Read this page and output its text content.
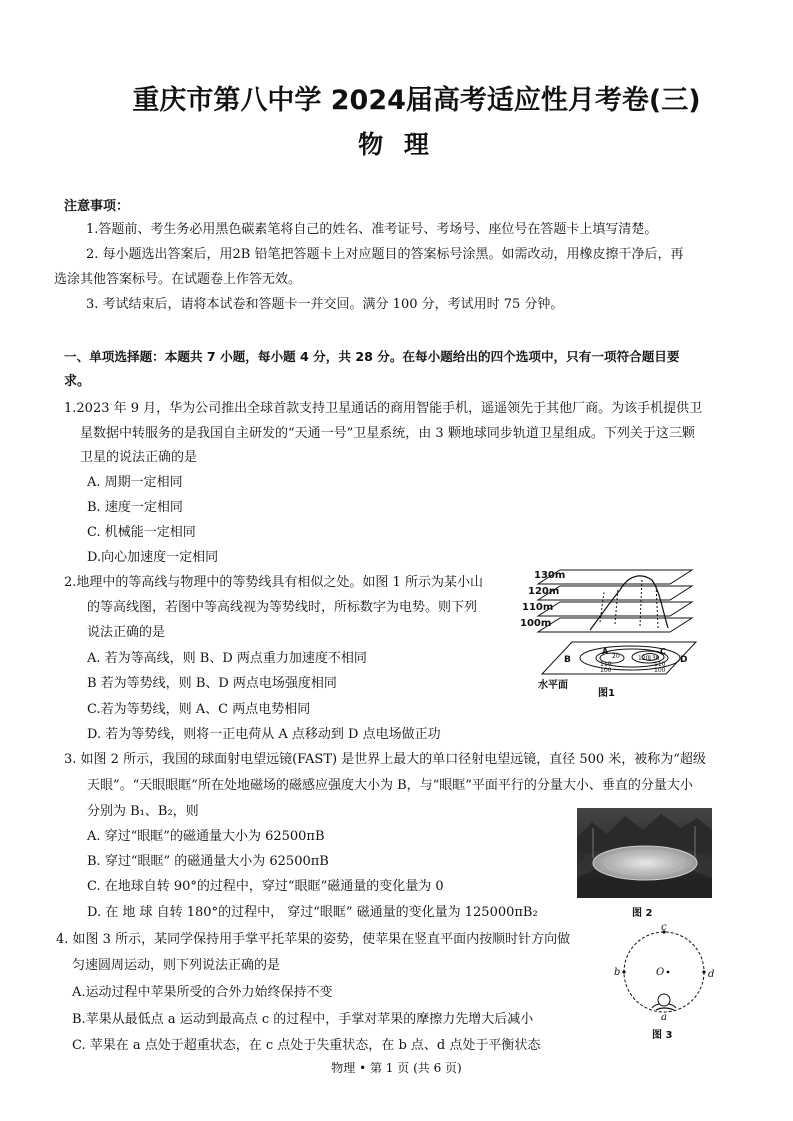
重庆市第八中学 2024届高考适应性月考卷(三)
物 理
注意事项：
1.答题前、考生务必用黑色碳素笔将自己的姓名、准考证号、考场号、座位号在答题卡上填写清楚。
2. 每小题选出答案后，用2B 铅笔把答题卡上对应题目的答案标号涂黑。如需改动，用橡皮擦干净后，再
选涂其他答案标号。在试题卷上作答无效。
3. 考试结束后，请将本试卷和答题卡一并交回。满分 100 分，考试用时 75 分钟。
一、单项选择题：本题共 7 小题，每小题 4 分，共 28 分。在每小题给出的四个选项中，只有一项符合题目要
求。
1.2023 年 9 月，华为公司推出全球首款支持卫星通话的商用智能手机，遥遥领先于其他厂商。为该手机提供卫
星数据中转服务的是我国自主研发的“天通一号”卫星系统，由 3 颗地球同步轨道卫星组成。下列关于这三颗
卫星的说法正确的是
A. 周期一定相同
B. 速度一定相同
C. 机械能一定相同
D.向心加速度一定相同
2.地理中的等高线与物理中的等势线具有相似之处。如图 1 所示为某小山
的等高线图，若图中等高线视为等势线时，所标数字为电势。则下列
说法正确的是
A. 若为等高线，则 B、D 两点重力加速度不相同
B 若为等势线，则 B、D 两点电场强度相同
C.若为等势线，则 A、C 两点电势相同
D. 若为等势线，则将一正电荷从 A 点移动到 D 点电场做正功
130m
120m
110m
100m
水平面
A
B
C
D
110
100
120
130
110
100
20
图1
3. 如图 2 所示，我国的球面射电望远镜(FAST) 是世界上最大的单口径射电望远镜，直径 500 米，被称为“超级
天眼”。“天眼眼眶”所在处地磁场的磁感应强度大小为 B，与“眼眶”平面平行的分量大小、垂直的分量大小
分别为 B₁、B₂，则
A. 穿过“眼眶”的磁通量大小为 62500πB
B. 穿过“眼眶” 的磁通量大小为 62500πB
C. 在地球自转 90°的过程中，穿过“眼眶”磁通量的变化量为 0
D. 在 地 球 自转 180°的过程中， 穿过“眼眶” 磁通量的变化量为 125000πB₂	图 2
4. 如图 3 所示，某同学保持用手掌平托苹果的姿势，使苹果在竖直平面内按顺时针方向做
匀速圆周运动，则下列说法正确的是
A.运动过程中苹果所受的合外力始终保持不变
B.苹果从最低点 a 运动到最高点 c 的过程中，手掌对苹果的摩擦力先增大后减小
C. 苹果在 a 点处于超重状态，在 c 点处于失重状态，在 b 点、d 点处于平衡状态
c
b	O	d
a
图 3
物理 • 第 1 页 (共 6 页)
